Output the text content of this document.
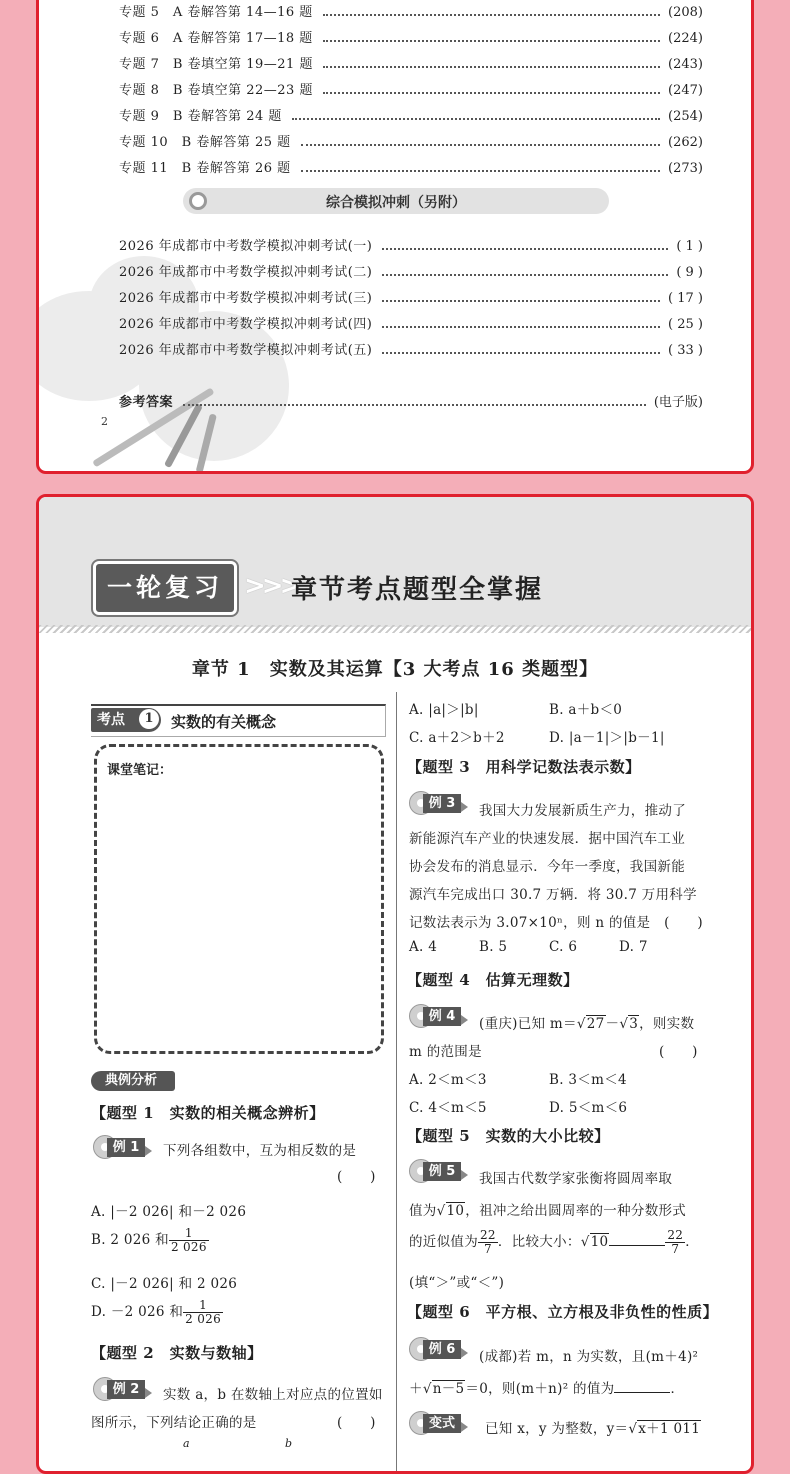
专题 5　A 卷解答第 14—16 题	(208)
专题 6　A 卷解答第 17—18 题	(224)
专题 7　B 卷填空第 19—21 题	(243)
专题 8　B 卷填空第 22—23 题	(247)
专题 9　B 卷解答第 24 题	(254)
专题 10　B 卷解答第 25 题	(262)
专题 11　B 卷解答第 26 题	(273)
综合模拟冲刺（另附）
2026 年成都市中考数学模拟冲刺考试(一)	( 1 )
2026 年成都市中考数学模拟冲刺考试(二)	( 9 )
2026 年成都市中考数学模拟冲刺考试(三)	( 17 )
2026 年成都市中考数学模拟冲刺考试(四)	( 25 )
2026 年成都市中考数学模拟冲刺考试(五)	( 33 )
参考答案	(电子版)
2
一轮复习 >>>
章节考点题型全掌握
章节 1　实数及其运算【3 大考点 16 类题型】
考点	1	实数的有关概念
课堂笔记：
典例分析
【题型 1　实数的相关概念辨析】
例 1	下列各组数中，互为相反数的是
(　　)
A. |－2 026| 和－2 026
B. 2 026 和 $\frac{1}{2 026}$
C. |－2 026| 和 2 026
D. －2 026 和 $\frac{1}{2 026}$
【题型 2　实数与数轴】
例 2	实数 a，b 在数轴上对应点的位置如
图所示，下列结论正确的是	(　　)
a	b
A. |a|＞|b|	B. a＋b＜0
C. a＋2＞b＋2	D. |a－1|＞|b－1|
【题型 3　用科学记数法表示数】
例 3	我国大力发展新质生产力，推动了
新能源汽车产业的快速发展．据中国汽车工业
协会发布的消息显示．今年一季度，我国新能
源汽车完成出口 30.7 万辆．将 30.7 万用科学
记数法表示为 3.07×10ⁿ，则 n 的值是　(　　)
A. 4	B. 5	C. 6	D. 7
【题型 4　估算无理数】
例 4	(重庆)已知 m＝√27－√3，则实数
m 的范围是	(　　)
A. 2＜m＜3	B. 3＜m＜4
C. 4＜m＜5	D. 5＜m＜6
【题型 5　实数的大小比较】
例 5	我国古代数学家张衡将圆周率取
值为√10，祖冲之给出圆周率的一种分数形式
的近似值为 $\frac{22}{7}$ ．比较大小：√10	$\frac{22}{7}$ ．
(填“＞”或“＜”)
【题型 6　平方根、立方根及非负性的性质】
例 6	(成都)若 m，n 为实数，且(m＋4)²
＋√n－5＝0，则(m＋n)² 的值为	．
变式	已知 x，y 为整数，y＝√x＋1 011
